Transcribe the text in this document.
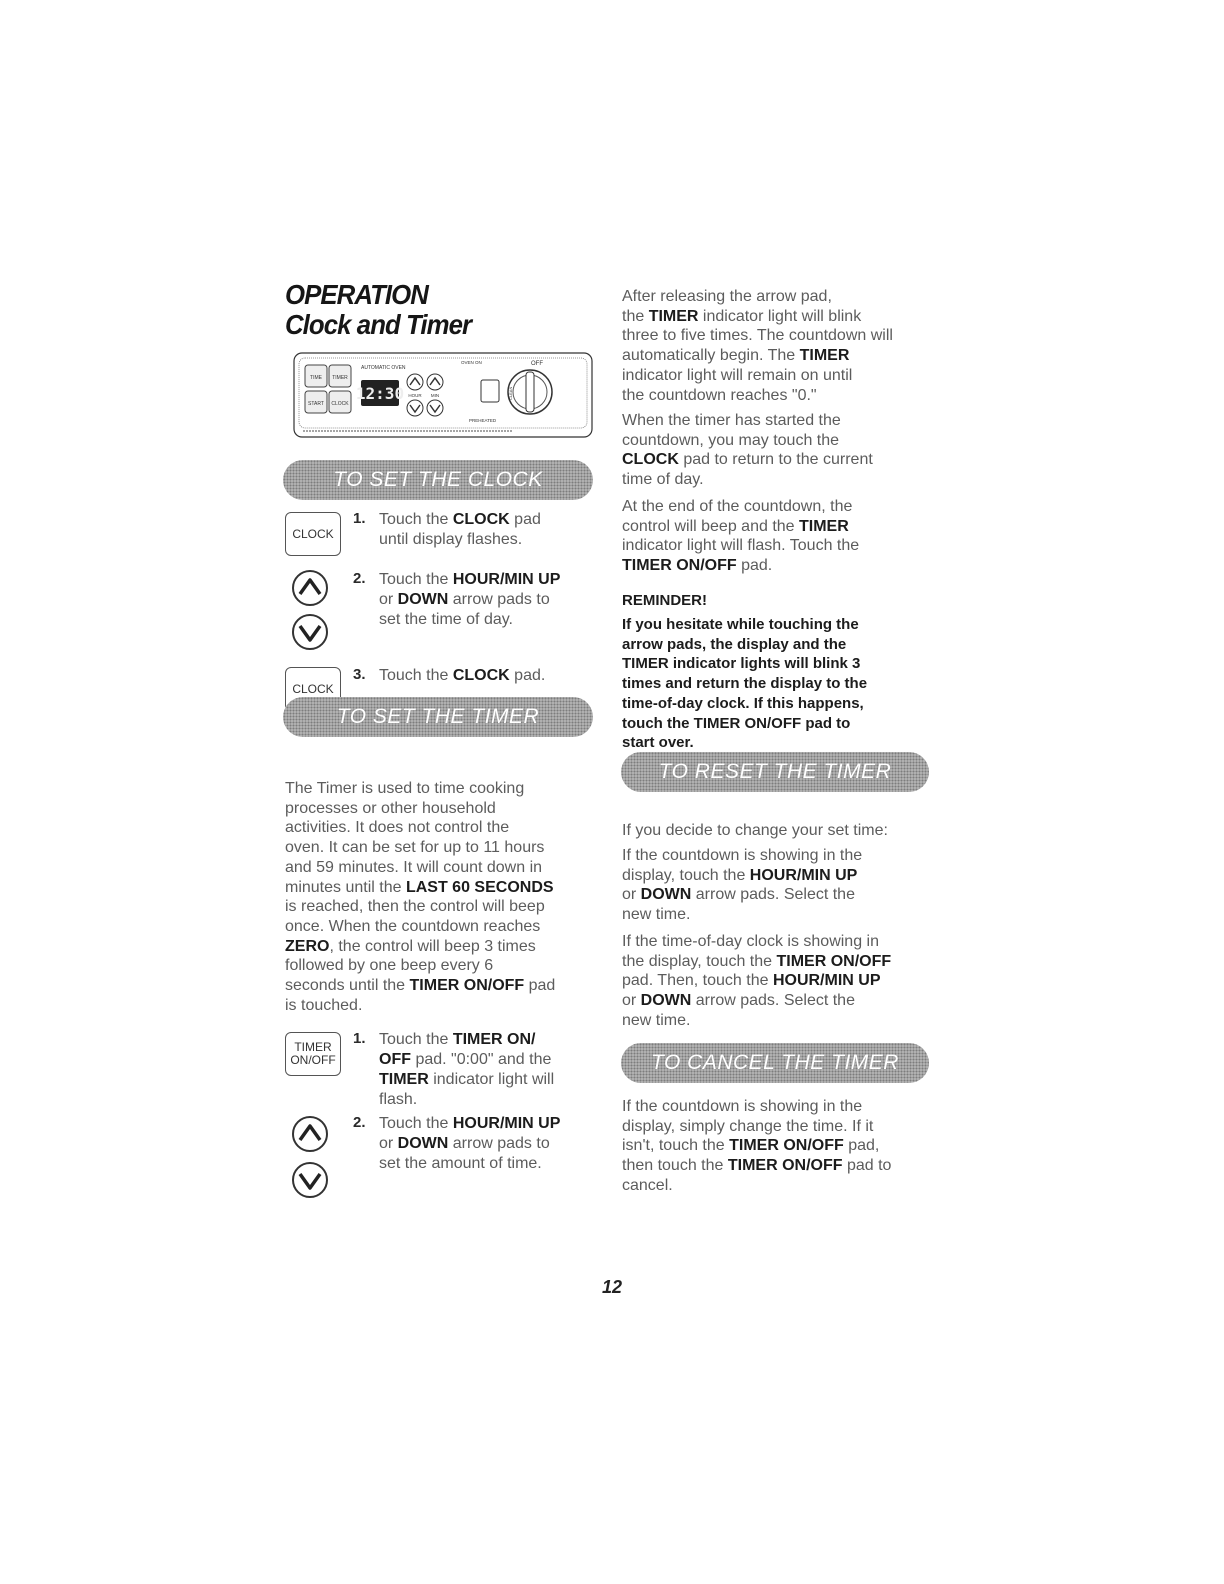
OPERATION
Clock and Timer
TIMER
CLOCK
TIME
START
AUTOMATIC OVEN
12:30 HOUR MIN
OVEN ON
PREHEATED
OFF
CLEAN
TO SET THE CLOCK
CLOCK
1. Touch the CLOCK pad
until display flashes.
2. Touch the HOUR/MIN UP
or DOWN arrow pads to
set the time of day.
CLOCK
3. Touch the CLOCK pad.
TO SET THE TIMER

The Timer is used to time cooking
processes or other household
activities. It does not control the
oven. It can be set for up to 11 hours
and 59 minutes. It will count down in
minutes until the LAST 60 SECONDS
is reached, then the control will beep
once. When the countdown reaches
ZERO, the control will beep 3 times
followed by one beep every 6
seconds until the TIMER ON/OFF pad
is touched.

TIMER
ON/OFF
1. Touch the TIMER ON/
OFF pad. "0:00" and the
TIMER indicator light will
flash.
2. Touch the HOUR/MIN UP
or DOWN arrow pads to
set the amount of time.

After releasing the arrow pad,
the TIMER indicator light will blink
three to five times. The countdown will
automatically begin. The TIMER
indicator light will remain on until
the countdown reaches "0."

When the timer has started the
countdown, you may touch the
CLOCK pad to return to the current
time of day.

At the end of the countdown, the
control will beep and the TIMER
indicator light will flash. Touch the
TIMER ON/OFF pad.

REMINDER!

If you hesitate while touching the
arrow pads, the display and the
TIMER indicator lights will blink 3
times and return the display to the
time-of-day clock. If this happens,
touch the TIMER ON/OFF pad to
start over.

TO RESET THE TIMER

If you decide to change your set time:

If the countdown is showing in the
display, touch the HOUR/MIN UP
or DOWN arrow pads. Select the
new time.

If the time-of-day clock is showing in
the display, touch the TIMER ON/OFF
pad. Then, touch the HOUR/MIN UP
or DOWN arrow pads. Select the
new time.

TO CANCEL THE TIMER

If the countdown is showing in the
display, simply change the time. If it
isn't, touch the TIMER ON/OFF pad,
then touch the TIMER ON/OFF pad to
cancel.

12
